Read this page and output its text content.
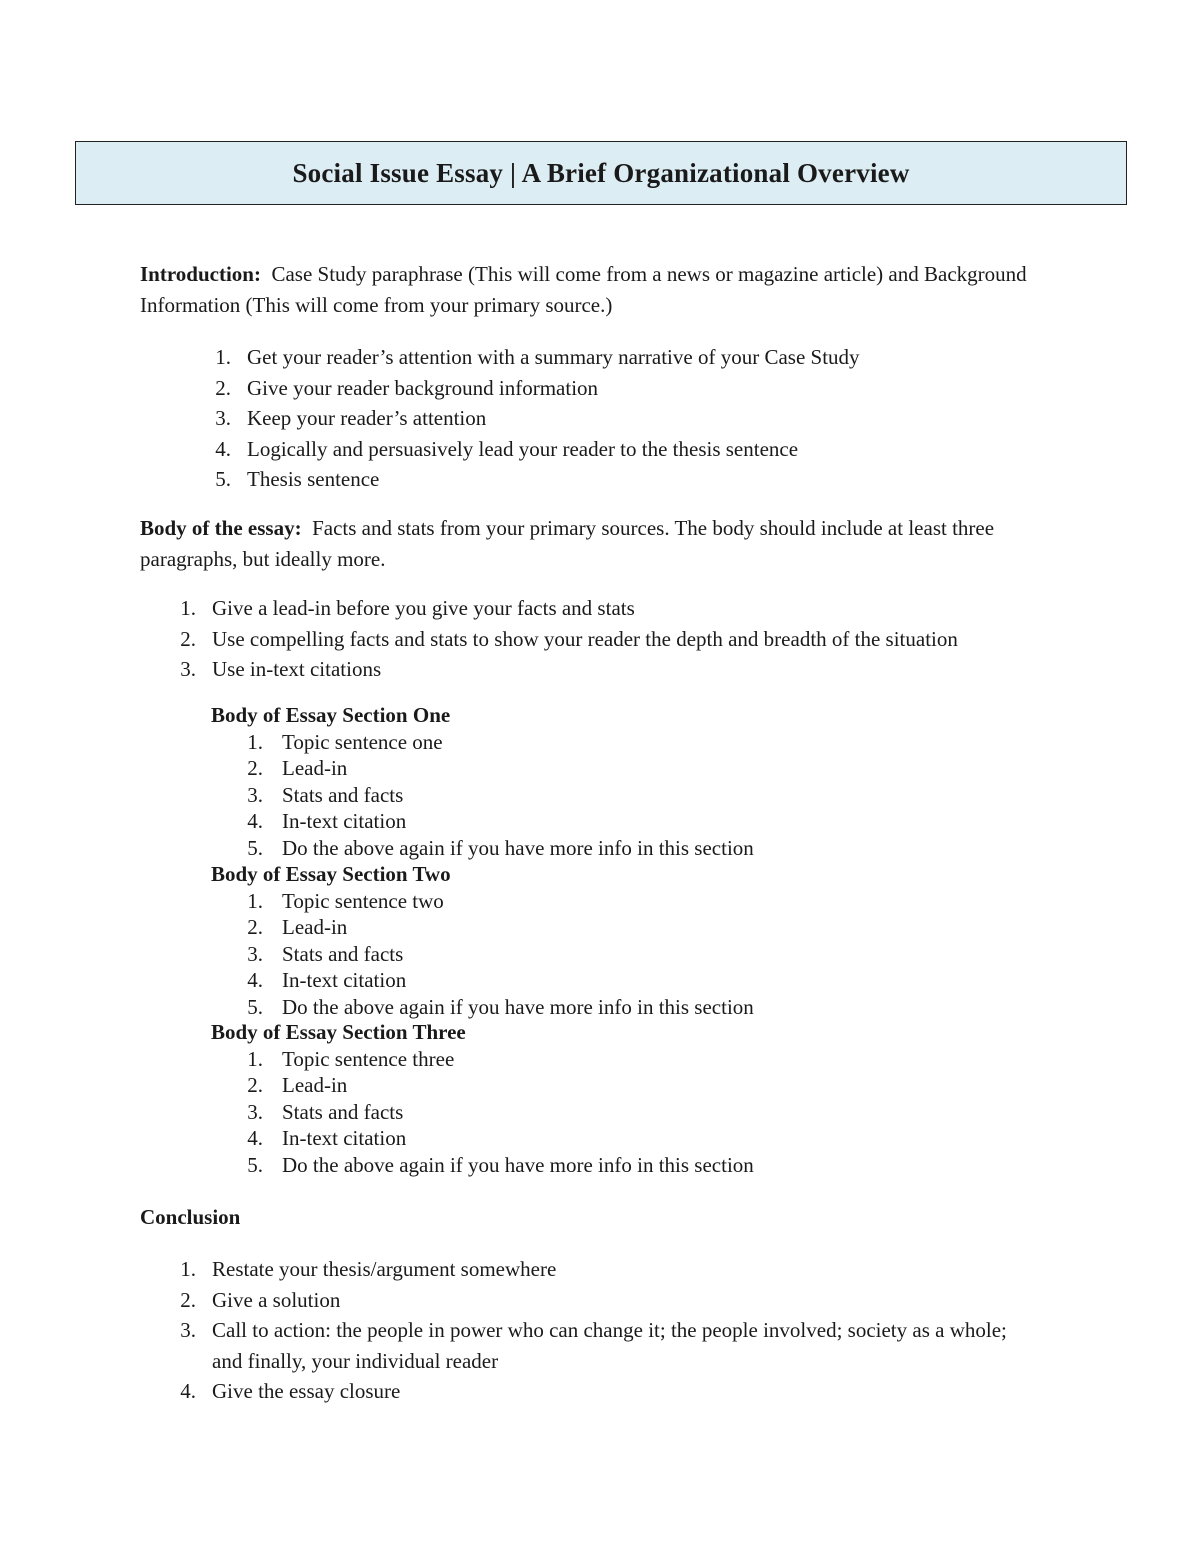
Social Issue Essay | A Brief Organizational Overview

Introduction: Case Study paraphrase (This will come from a news or magazine article) and Background Information (This will come from your primary source.)

1. Get your reader’s attention with a summary narrative of your Case Study
2. Give your reader background information
3. Keep your reader’s attention
4. Logically and persuasively lead your reader to the thesis sentence
5. Thesis sentence

Body of the essay: Facts and stats from your primary sources. The body should include at least three paragraphs, but ideally more.

1. Give a lead-in before you give your facts and stats
2. Use compelling facts and stats to show your reader the depth and breadth of the situation
3. Use in-text citations
Body of Essay Section One
1. Topic sentence one
2. Lead-in
3. Stats and facts
4. In-text citation
5. Do the above again if you have more info in this section
Body of Essay Section Two
1. Topic sentence two
2. Lead-in
3. Stats and facts
4. In-text citation
5. Do the above again if you have more info in this section
Body of Essay Section Three
1. Topic sentence three
2. Lead-in
3. Stats and facts
4. In-text citation
5. Do the above again if you have more info in this section
Conclusion
1. Restate your thesis/argument somewhere
2. Give a solution
3. Call to action: the people in power who can change it; the people involved; society as a whole; and finally, your individual reader
4. Give the essay closure
